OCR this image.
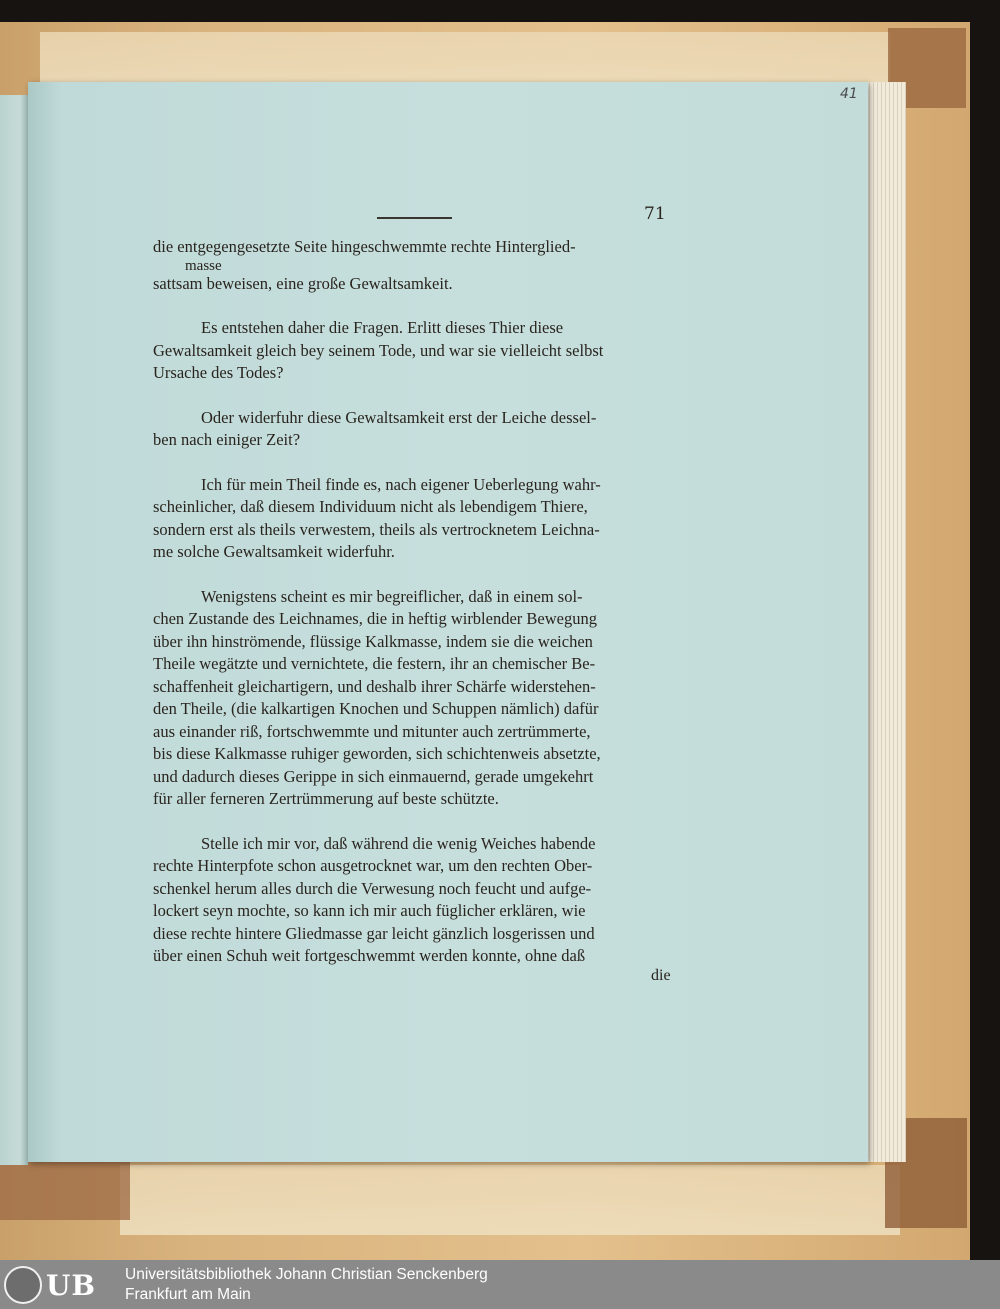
41
71

die entgegengesetzte Seite hingeschwemmte rechte Hinterglied-
masse
sattsam beweisen, eine große Gewaltsamkeit.

Es entstehen daher die Fragen. Erlitt dieses Thier diese
Gewaltsamkeit gleich bey seinem Tode, und war sie vielleicht selbst
Ursache des Todes?

Oder widerfuhr diese Gewaltsamkeit erst der Leiche dessel-
ben nach einiger Zeit?

Ich für mein Theil finde es, nach eigener Ueberlegung wahr-
scheinlicher, daß diesem Individuum nicht als lebendigem Thiere,
sondern erst als theils verwestem, theils als vertrocknetem Leichna-
me solche Gewaltsamkeit widerfuhr.

Wenigstens scheint es mir begreiflicher, daß in einem sol-
chen Zustande des Leichnames, die in heftig wirblender Bewegung
über ihn hinströmende, flüssige Kalkmasse, indem sie die weichen
Theile wegätzte und vernichtete, die festern, ihr an chemischer Be-
schaffenheit gleichartigern, und deshalb ihrer Schärfe widerstehen-
den Theile, (die kalkartigen Knochen und Schuppen nämlich) dafür
aus einander riß, fortschwemmte und mitunter auch zertrümmerte,
bis diese Kalkmasse ruhiger geworden, sich schichtenweis absetzte,
und dadurch dieses Gerippe in sich einmauernd, gerade umgekehrt
für aller ferneren Zertrümmerung auf beste schützte.

Stelle ich mir vor, daß während die wenig Weiches habende
rechte Hinterpfote schon ausgetrocknet war, um den rechten Ober-
schenkel herum alles durch die Verwesung noch feucht und aufge-
lockert seyn mochte, so kann ich mir auch füglicher erklären, wie
diese rechte hintere Gliedmasse gar leicht gänzlich losgerissen und
über einen Schuh weit fortgeschwemmt werden konnte, ohne daß

die
UB Universitätsbibliothek Johann Christian Senckenberg
Frankfurt am Main
